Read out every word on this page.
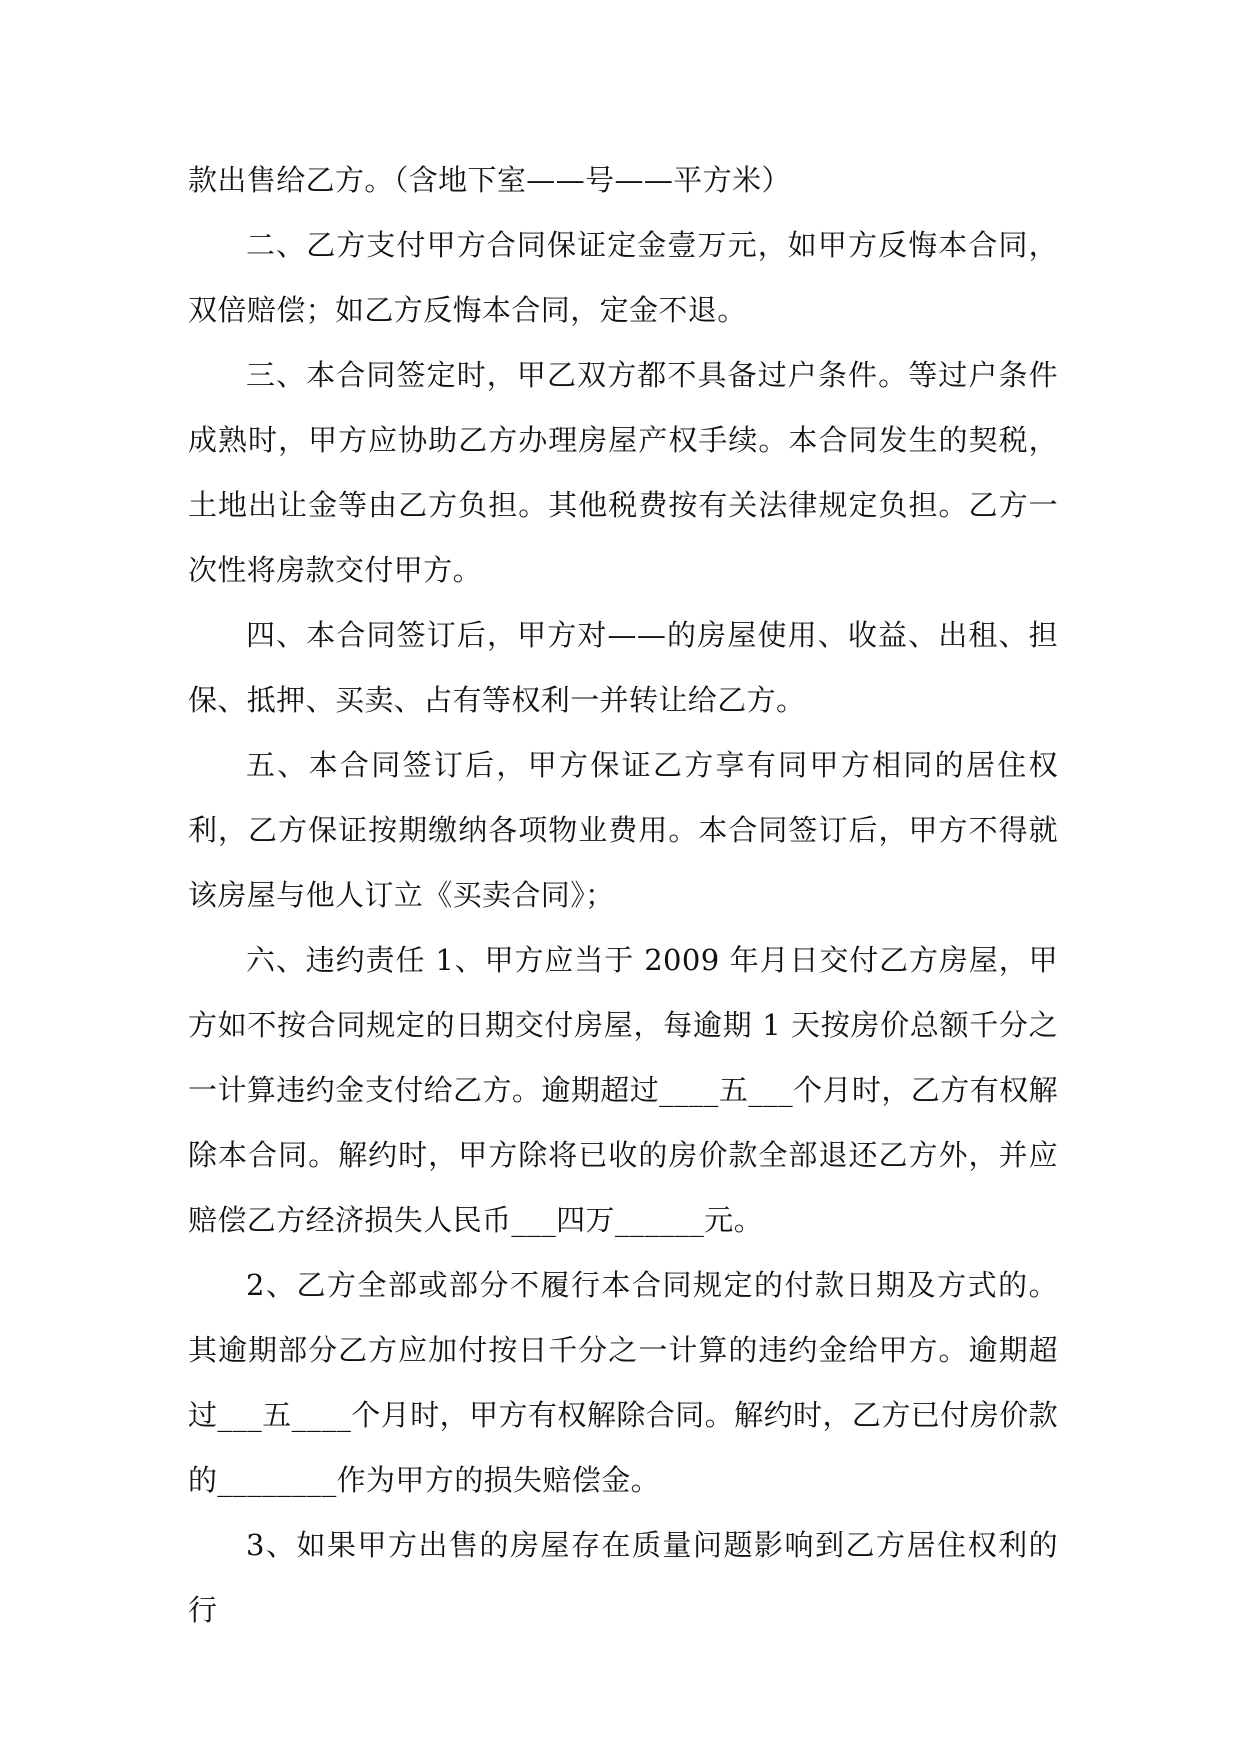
款出售给乙方。（含地下室——号——平方米）

二、乙方支付甲方合同保证定金壹万元，如甲方反悔本合同，双倍赔偿；如乙方反悔本合同，定金不退。

三、本合同签定时，甲乙双方都不具备过户条件。等过户条件成熟时，甲方应协助乙方办理房屋产权手续。本合同发生的契税，土地出让金等由乙方负担。其他税费按有关法律规定负担。乙方一次性将房款交付甲方。

四、本合同签订后，甲方对——的房屋使用、收益、出租、担保、抵押、买卖、占有等权利一并转让给乙方。

五、本合同签订后，甲方保证乙方享有同甲方相同的居住权利，乙方保证按期缴纳各项物业费用。本合同签订后，甲方不得就该房屋与他人订立《买卖合同》；

六、违约责任 1、甲方应当于 2009 年月日交付乙方房屋，甲方如不按合同规定的日期交付房屋，每逾期 1 天按房价总额千分之一计算违约金支付给乙方。逾期超过____五___个月时，乙方有权解除本合同。解约时，甲方除将已收的房价款全部退还乙方外，并应赔偿乙方经济损失人民币___四万______元。

2、乙方全部或部分不履行本合同规定的付款日期及方式的。其逾期部分乙方应加付按日千分之一计算的违约金给甲方。逾期超过___五____个月时，甲方有权解除合同。解约时，乙方已付房价款的________作为甲方的损失赔偿金。

3、如果甲方出售的房屋存在质量问题影响到乙方居住权利的行
